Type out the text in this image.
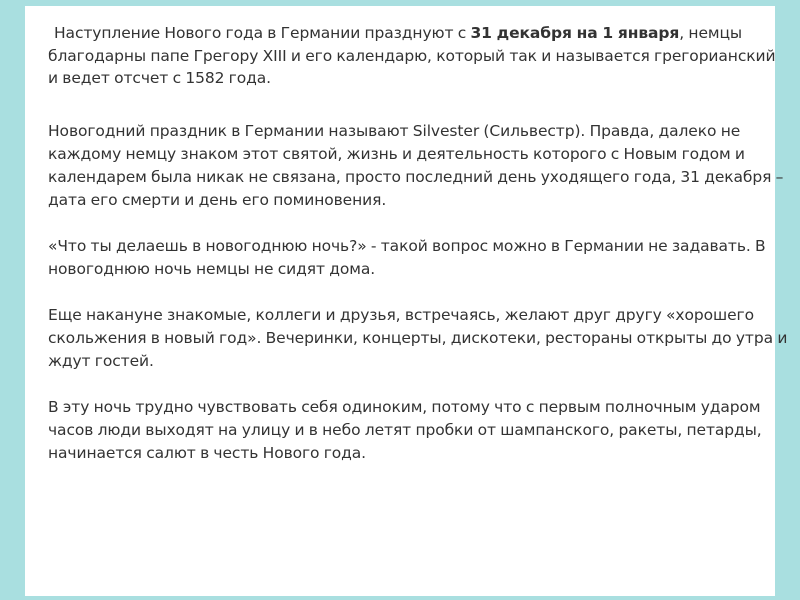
Наступление Нового года в Германии празднуют с 31 декабря на 1 января, немцы благодарны папе Грегору XIII и его календарю, который так и называется грегорианский и ведет отсчет с 1582 года.

Новогодний праздник в Германии называют Silvester (Сильвестр). Правда, далеко не каждому немцу знаком этот святой, жизнь и деятельность которого с Новым годом и календарем была никак не связана, просто последний день уходящего года, 31 декабря – дата его смерти и день его поминовения.

«Что ты делаешь в новогоднюю ночь?» - такой вопрос можно в Германии не задавать. В новогоднюю ночь немцы не сидят дома.

Еще накануне знакомые, коллеги и друзья, встречаясь, желают друг другу «хорошего скольжения в новый год». Вечеринки, концерты, дискотеки, рестораны открыты до утра и ждут гостей.

В эту ночь трудно чувствовать себя одиноким, потому что с первым полночным ударом часов люди выходят на улицу и в небо летят пробки от шампанского, ракеты, петарды, начинается салют в честь Нового года.
